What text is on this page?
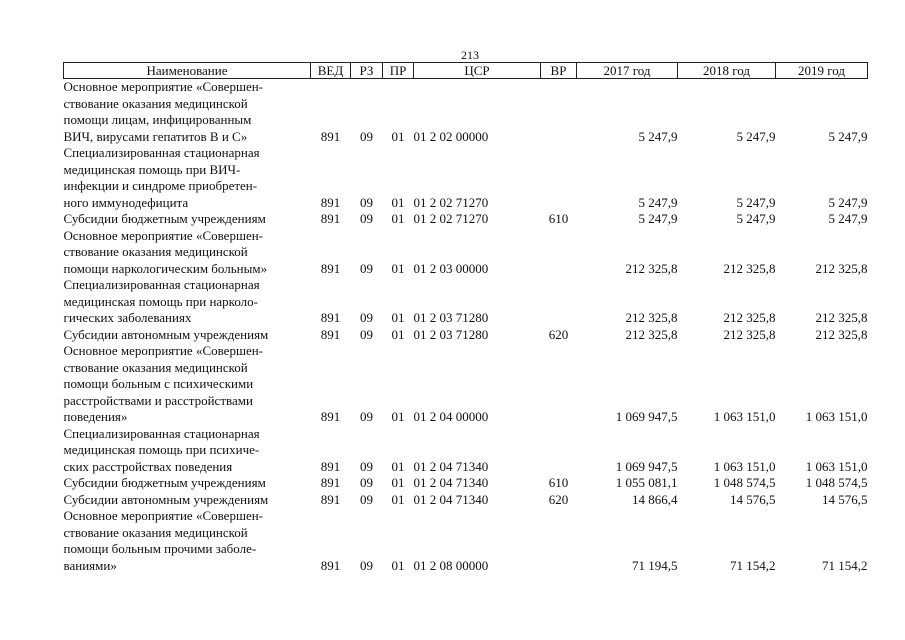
213
Наименование	ВЕД	РЗ	ПР	ЦСР	ВР	2017 год	2018 год	2019 год
Основное мероприятие «Совершен-
ствование оказания медицинской
помощи лицам, инфицированным
ВИЧ, вирусами гепатитов В и С»	891	09	01	01 2 02 00000		5 247,9	5 247,9	5 247,9
Специализированная стационарная
медицинская помощь при ВИЧ-
инфекции и синдроме приобретен-
ного иммунодефицита	891	09	01	01 2 02 71270		5 247,9	5 247,9	5 247,9
Субсидии бюджетным учреждениям	891	09	01	01 2 02 71270	610	5 247,9	5 247,9	5 247,9
Основное мероприятие «Совершен-
ствование оказания медицинской
помощи наркологическим больным»	891	09	01	01 2 03 00000		212 325,8	212 325,8	212 325,8
Специализированная стационарная
медицинская помощь при нарколо-
гических заболеваниях	891	09	01	01 2 03 71280		212 325,8	212 325,8	212 325,8
Субсидии автономным учреждениям	891	09	01	01 2 03 71280	620	212 325,8	212 325,8	212 325,8
Основное мероприятие «Совершен-
ствование оказания медицинской
помощи больным с психическими
расстройствами и расстройствами
поведения»	891	09	01	01 2 04 00000		1 069 947,5	1 063 151,0	1 063 151,0
Специализированная стационарная
медицинская помощь при психиче-
ских расстройствах поведения	891	09	01	01 2 04 71340		1 069 947,5	1 063 151,0	1 063 151,0
Субсидии бюджетным учреждениям	891	09	01	01 2 04 71340	610	1 055 081,1	1 048 574,5	1 048 574,5
Субсидии автономным учреждениям	891	09	01	01 2 04 71340	620	14 866,4	14 576,5	14 576,5
Основное мероприятие «Совершен-
ствование оказания медицинской
помощи больным прочими заболе-
ваниями»	891	09	01	01 2 08 00000		71 194,5	71 154,2	71 154,2
